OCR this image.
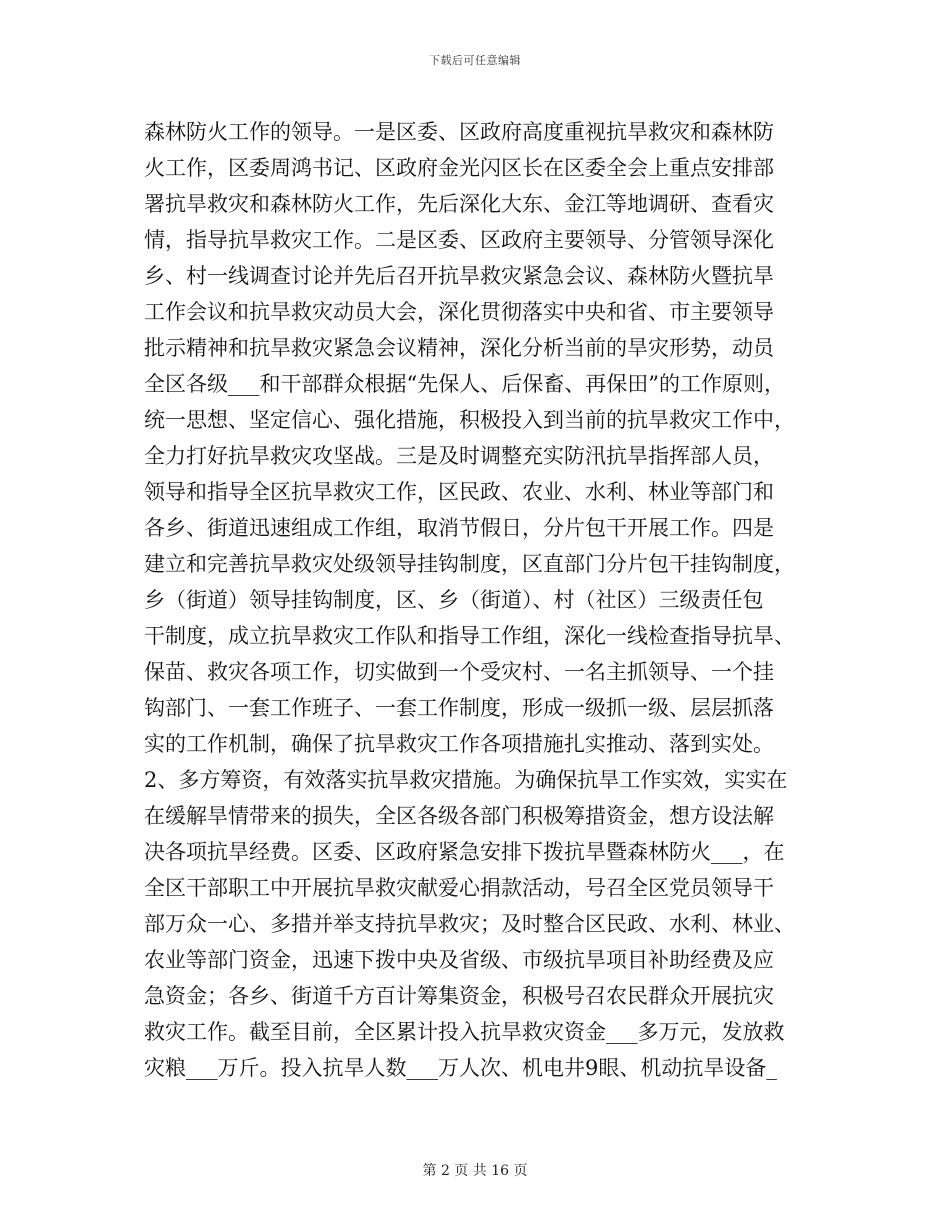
下载后可任意编辑
森林防火工作的领导。一是区委、区政府高度重视抗旱救灾和森林防
火工作，区委周鸿书记、区政府金光闪区长在区委全会上重点安排部
署抗旱救灾和森林防火工作，先后深化大东、金江等地调研、查看灾
情，指导抗旱救灾工作。二是区委、区政府主要领导、分管领导深化
乡、村一线调查讨论并先后召开抗旱救灾紧急会议、森林防火暨抗旱
工作会议和抗旱救灾动员大会，深化贯彻落实中央和省、市主要领导
批示精神和抗旱救灾紧急会议精神，深化分析当前的旱灾形势，动员
全区各级___和干部群众根据“先保人、后保畜、再保田”的工作原则，
统一思想、坚定信心、强化措施，积极投入到当前的抗旱救灾工作中，
全力打好抗旱救灾攻坚战。三是及时调整充实防汛抗旱指挥部人员，
领导和指导全区抗旱救灾工作，区民政、农业、水利、林业等部门和
各乡、街道迅速组成工作组，取消节假日，分片包干开展工作。四是
建立和完善抗旱救灾处级领导挂钩制度，区直部门分片包干挂钩制度，
乡（街道）领导挂钩制度，区、乡（街道）、村（社区）三级责任包
干制度，成立抗旱救灾工作队和指导工作组，深化一线检查指导抗旱、
保苗、救灾各项工作，切实做到一个受灾村、一名主抓领导、一个挂
钩部门、一套工作班子、一套工作制度，形成一级抓一级、层层抓落
实的工作机制，确保了抗旱救灾工作各项措施扎实推动、落到实处。
2、多方筹资，有效落实抗旱救灾措施。为确保抗旱工作实效，实实在
在缓解旱情带来的损失，全区各级各部门积极筹措资金，想方设法解
决各项抗旱经费。区委、区政府紧急安排下拨抗旱暨森林防火___，在
全区干部职工中开展抗旱救灾献爱心捐款活动，号召全区党员领导干
部万众一心、多措并举支持抗旱救灾；及时整合区民政、水利、林业、
农业等部门资金，迅速下拨中央及省级、市级抗旱项目补助经费及应
急资金；各乡、街道千方百计筹集资金，积极号召农民群众开展抗灾
救灾工作。截至目前，全区累计投入抗旱救灾资金___多万元，发放救
灾粮___万斤。投入抗旱人数___万人次、机电井9眼、机动抗旱设备_
第 2 页 共 16 页
